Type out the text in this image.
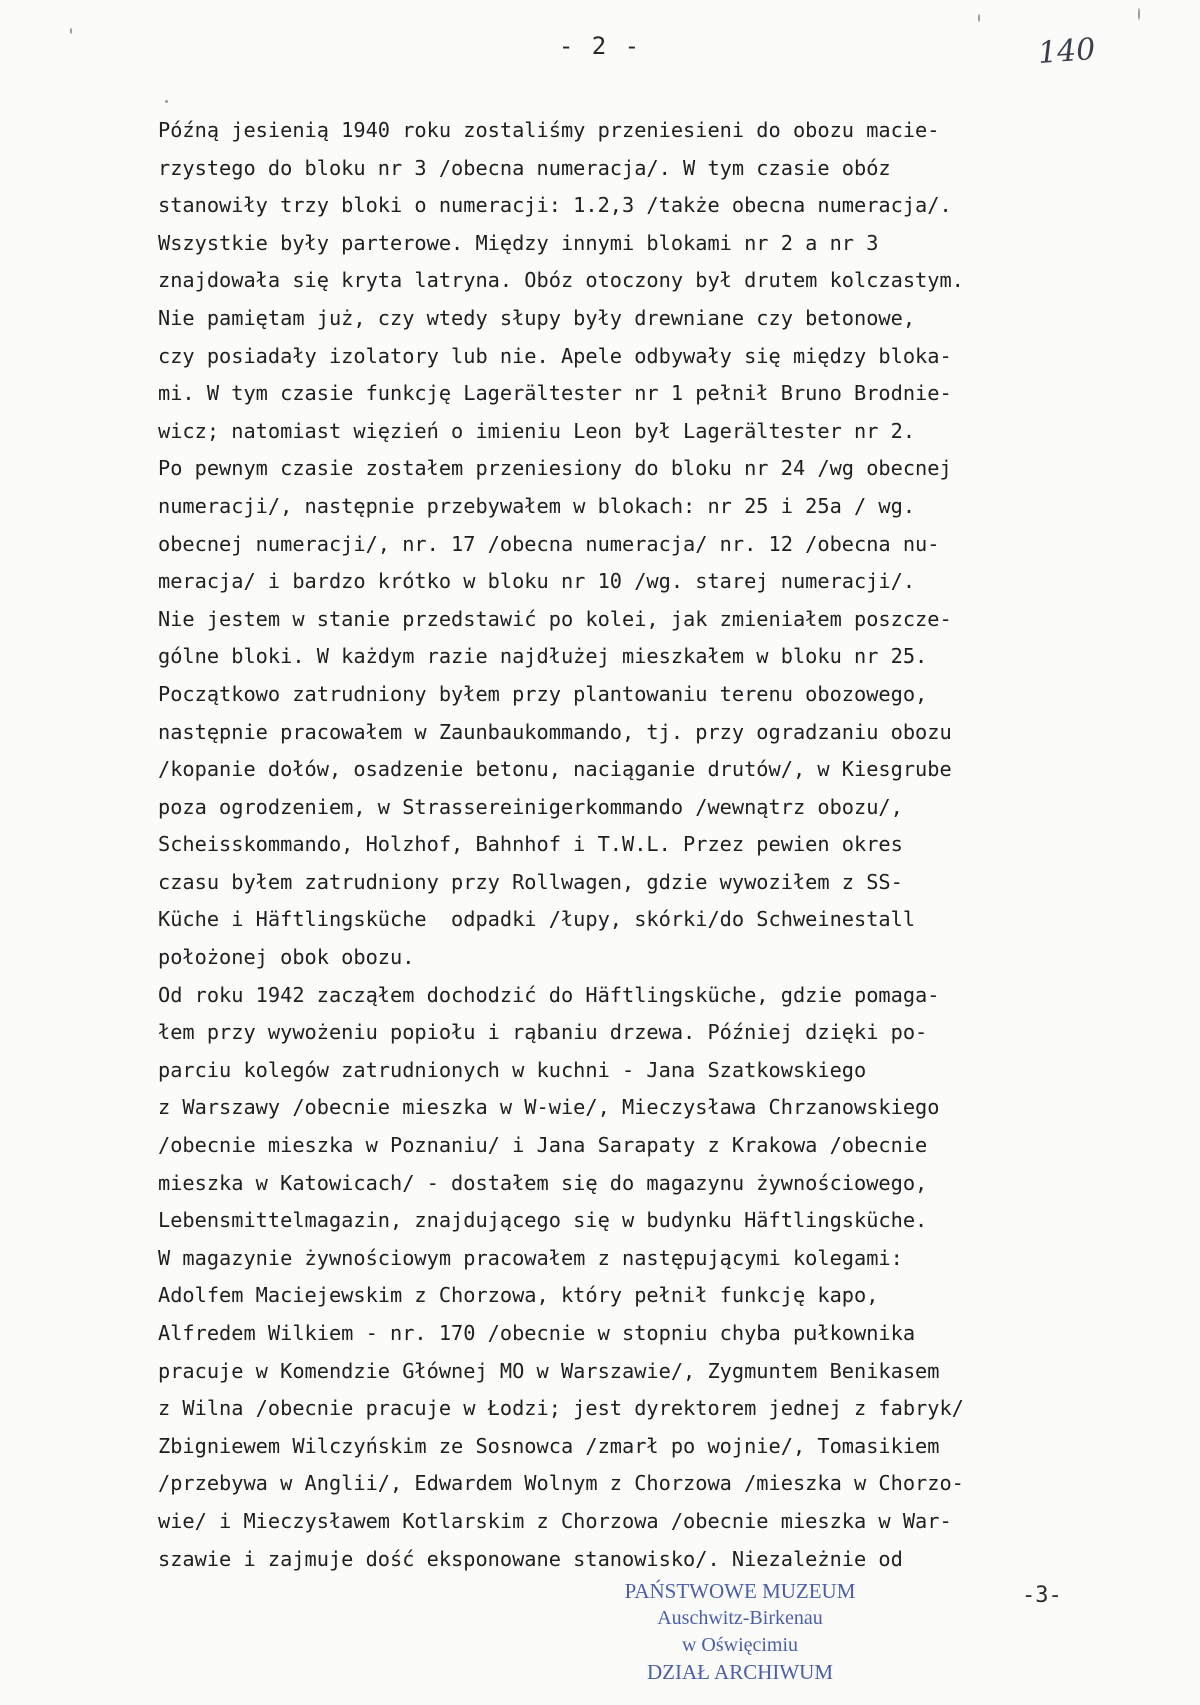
- 2 -	140
Późną jesienią 1940 roku zostaliśmy przeniesieni do obozu macie-
rzystego do bloku nr 3 /obecna numeracja/. W tym czasie obóz
stanowiły trzy bloki o numeracji: 1.2,3 /także obecna numeracja/.
Wszystkie były parterowe. Między innymi blokami nr 2 a nr 3
znajdowała się kryta latryna. Obóz otoczony był drutem kolczastym.
Nie pamiętam już, czy wtedy słupy były drewniane czy betonowe,
czy posiadały izolatory lub nie. Apele odbywały się między bloka-
mi. W tym czasie funkcję Lagerältester nr 1 pełnił Bruno Brodnie-
wicz; natomiast więzień o imieniu Leon był Lagerältester nr 2.
Po pewnym czasie zostałem przeniesiony do bloku nr 24 /wg obecnej
numeracji/, następnie przebywałem w blokach: nr 25 i 25a / wg.
obecnej numeracji/, nr. 17 /obecna numeracja/ nr. 12 /obecna nu-
meracja/ i bardzo krótko w bloku nr 10 /wg. starej numeracji/.
Nie jestem w stanie przedstawić po kolei, jak zmieniałem poszcze-
gólne bloki. W każdym razie najdłużej mieszkałem w bloku nr 25.
Początkowo zatrudniony byłem przy plantowaniu terenu obozowego,
następnie pracowałem w Zaunbaukommando, tj. przy ogradzaniu obozu
/kopanie dołów, osadzenie betonu, naciąganie drutów/, w Kiesgrube
poza ogrodzeniem, w Strassereinigerkommando /wewnątrz obozu/,
Scheisskommando, Holzhof, Bahnhof i T.W.L. Przez pewien okres
czasu byłem zatrudniony przy Rollwagen, gdzie wywoziłem z SS-
Küche i Häftlingsküche  odpadki /łupy, skórki/do Schweinestall
położonej obok obozu.
Od roku 1942 zacząłem dochodzić do Häftlingsküche, gdzie pomaga-
łem przy wywożeniu popiołu i rąbaniu drzewa. Później dzięki po-
parciu kolegów zatrudnionych w kuchni - Jana Szatkowskiego
z Warszawy /obecnie mieszka w W-wie/, Mieczysława Chrzanowskiego
/obecnie mieszka w Poznaniu/ i Jana Sarapaty z Krakowa /obecnie
mieszka w Katowicach/ - dostałem się do magazynu żywnościowego,
Lebensmittelmagazin, znajdującego się w budynku Häftlingsküche.
W magazynie żywnościowym pracowałem z następującymi kolegami:
Adolfem Maciejewskim z Chorzowa, który pełnił funkcję kapo,
Alfredem Wilkiem - nr. 170 /obecnie w stopniu chyba pułkownika
pracuje w Komendzie Głównej MO w Warszawie/, Zygmuntem Benikasem
z Wilna /obecnie pracuje w Łodzi; jest dyrektorem jednej z fabryk/
Zbigniewem Wilczyńskim ze Sosnowca /zmarł po wojnie/, Tomasikiem
/przebywa w Anglii/, Edwardem Wolnym z Chorzowa /mieszka w Chorzo-
wie/ i Mieczysławem Kotlarskim z Chorzowa /obecnie mieszka w War-
szawie i zajmuje dość eksponowane stanowisko/. Niezależnie od
PAŃSTWOWE MUZEUM
Auschwitz-Birkenau
w Oświęcimiu
DZIAŁ ARCHIWUM
-3-
